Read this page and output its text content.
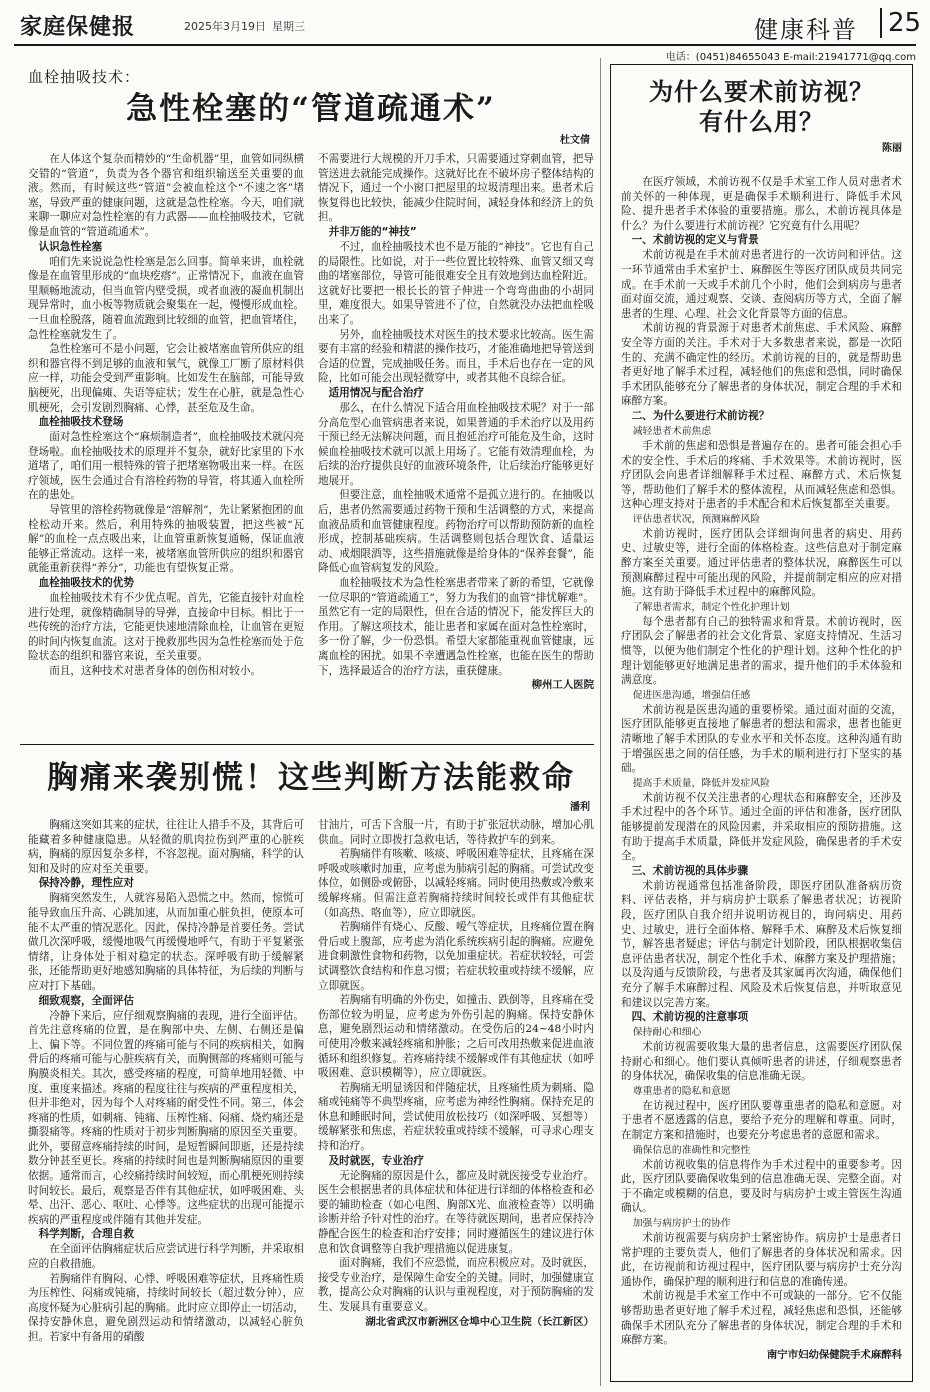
家庭保健报	2025年3月19日 星期三	健康科普	25
电话：(0451)84655043 E-mail:21941771@qq.com
血栓抽吸技术：
急性栓塞的“管道疏通术”
杜文倩

在人体这个复杂而精妙的“生命机器”里，血管如同纵横交错的“管道”，负责为各个器官和组织输送至关重要的血液。然而，有时候这些“管道”会被血栓这个“不速之客”堵塞，导致严重的健康问题，这就是急性栓塞。今天，咱们就来聊一聊应对急性栓塞的有力武器——血栓抽吸技术，它就像是血管的“管道疏通术”。

认识急性栓塞

咱们先来说说急性栓塞是怎么回事。简单来讲，血栓就像是在血管里形成的“血块疙瘩”。正常情况下，血液在血管里顺畅地流动，但当血管内壁受损，或者血液的凝血机制出现异常时，血小板等物质就会聚集在一起，慢慢形成血栓。一旦血栓脱落，随着血流跑到比较细的血管，把血管堵住，急性栓塞就发生了。

急性栓塞可不是小问题，它会让被堵塞血管所供应的组织和器官得不到足够的血液和氧气，就像工厂断了原材料供应一样，功能会受到严重影响。比如发生在脑部，可能导致脑梗死，出现偏瘫、失语等症状；发生在心脏，就是急性心肌梗死，会引发剧烈胸痛、心悸，甚至危及生命。

血栓抽吸技术登场

面对急性栓塞这个“麻烦制造者”，血栓抽吸技术就闪亮登场啦。血栓抽吸技术的原理并不复杂，就好比家里的下水道堵了，咱们用一根特殊的管子把堵塞物吸出来一样。在医疗领域，医生会通过合有溶栓药物的导管，将其通入血栓所在的患处。

导管里的溶栓药物就像是“溶解剂”，先让紧紧抱团的血栓松动开来。然后，利用特殊的抽吸装置，把这些被“瓦解”的血栓一点点吸出来，让血管重新恢复通畅，保证血液能够正常流动。这样一来，被堵塞血管所供应的组织和器官就能重新获得“养分”，功能也有望恢复正常。

血栓抽吸技术的优势

血栓抽吸技术有不少优点呢。首先，它能直接针对血栓进行处理，就像精确制导的导弹，直接命中目标。相比于一些传统的治疗方法，它能更快速地清除血栓，让血管在更短的时间内恢复血流。这对于挽救那些因为急性栓塞而处于危险状态的组织和器官来说，至关重要。

而且，这种技术对患者身体的创伤相对较小。

不需要进行大规模的开刀手术，只需要通过穿刺血管，把导管送进去就能完成操作。这就好比在不破坏房子整体结构的情况下，通过一个小窗口把屋里的垃圾清理出来。患者术后恢复得也比较快，能减少住院时间，减轻身体和经济上的负担。

并非万能的“神技”

不过，血栓抽吸技术也不是万能的“神技”。它也有自己的局限性。比如说，对于一些位置比较特殊、血管又细又弯曲的堵塞部位，导管可能很难安全且有效地到达血栓附近。这就好比要把一根长长的管子伸进一个弯弯曲曲的小胡同里，难度很大。如果导管进不了位，自然就没办法把血栓吸出来了。

另外，血栓抽吸技术对医生的技术要求比较高。医生需要有丰富的经验和精湛的操作技巧，才能准确地把导管送到合适的位置，完成抽吸任务。而且，手术后也存在一定的风险，比如可能会出现轻微穿中，或者其他不良综合征。

适用情况与配合治疗

那么，在什么情况下适合用血栓抽吸技术呢？对于一部分高危型心血管病患者来说，如果普通的手术治疗以及用药干预已经无法解决问题，而且抱延治疗可能危及生命，这时候血栓抽吸技术就可以派上用场了。它能有效清理血栓，为后续的治疗提供良好的血液环境条件，让后续治疗能够更好地展开。

但要注意，血栓抽吸术通常不是孤立进行的。在抽吸以后，患者仍然需要通过药物干预和生活调整的方式，来提高血液品质和血管健康程度。药物治疗可以帮助预防新的血栓形成，控制基础疾病。生活调整则包括合理饮食、适量运动、戒烟限酒等，这些措施就像是给身体的“保养套餐”，能降低心血管病复发的风险。

血栓抽吸技术为急性栓塞患者带来了新的希望，它就像一位尽职的“管道疏通工”，努力为我们的血管“排忧解难”。虽然它有一定的局限性，但在合适的情况下，能发挥巨大的作用。了解这项技术，能让患者和家属在面对急性栓塞时，多一份了解，少一份恐惧。希望大家都能重视血管健康，远离血栓的困扰。如果不幸遭遇急性栓塞，也能在医生的帮助下，选择最适合的治疗方法，重获健康。

柳州工人医院

胸痛来袭别慌！这些判断方法能救命
潘利

胸痛这突如其来的症状，往往让人措手不及，其背后可能藏着多种健康隐患。从轻微的肌肉拉伤到严重的心脏疾病，胸痛的原因复杂多样，不容忽视。面对胸痛，科学的认知和及时的应对至关重要。

保持冷静，理性应对

胸痛突然发生，人就容易陷入恐慌之中。然而，惊慌可能导致血压升高、心跳加速，从而加重心脏负担，使原本可能不太严重的情况恶化。因此，保持冷静是首要任务。尝试做几次深呼吸，缓慢地吸气再缓慢地呼气，有助于平复紧张情绪，让身体处于相对稳定的状态。深呼吸有助于缓解紧张，还能帮助更好地感知胸痛的具体特征，为后续的判断与应对打下基础。

细致观察，全面评估

冷静下来后，应仔细观察胸痛的表现，进行全面评估。首先注意疼痛的位置，是在胸部中央、左侧、右侧还是偏上、偏下等。不同位置的疼痛可能与不同的疾病相关，如胸骨后的疼痛可能与心脏疾病有关，而胸侧部的疼痛则可能与胸膜炎相关。其次，感受疼痛的程度，可简单地用轻微、中度、重度来描述。疼痛的程度往往与疾病的严重程度相关，但并非绝对，因为每个人对疼痛的耐受性不同。第三，体会疼痛的性质，如刺痛、钝痛、压榨性痛、闷痛、烧灼痛还是撕裂痛等。疼痛的性质对于初步判断胸痛的原因至关重要。此外，要留意疼痛持续的时间，是短暂瞬间即逝，还是持续数分钟甚至更长。疼痛的持续时间也是判断胸痛原因的重要依据。通常而言，心绞痛持续时间较短，而心肌梗死则持续时间较长。最后，观察是否伴有其他症状，如呼吸困难、头晕、出汗、恶心、呕吐、心悸等。这些症状的出现可能提示疾病的严重程度或伴随有其他并发症。

科学判断，合理自救

在全面评估胸痛症状后应尝试进行科学判断，并采取相应的自救措施。

若胸痛伴有胸闷、心悸、呼吸困难等症状，且疼痛性质为压榨性、闷痛或钝痛，持续时间较长（超过数分钟），应高度怀疑为心脏病引起的胸痛。此时应立即停止一切活动，保持安静休息，避免剧烈运动和情绪激动，以减轻心脏负担。若家中有备用的硝酸

甘油片，可舌下含服一片，有助于扩张冠状动脉，增加心肌供血。同时立即拨打急救电话，等待救护车的到来。

若胸痛伴有咳嗽、咳痰、呼吸困难等症状，且疼痛在深呼吸或咳嗽时加重，应考虑为肺病引起的胸痛。可尝试改变体位，如侧卧或俯卧，以减轻疼痛。同时使用热敷或冷敷来缓解疼痛。但需注意若胸痛持续时间较长或伴有其他症状（如高热、咯血等），应立即就医。

若胸痛伴有烧心、反酸、嗳气等症状，且疼痛位置在胸骨后或上腹部，应考虑为消化系统疾病引起的胸痛。应避免进食刺激性食物和药物，以免加重症状。若症状较轻，可尝试调整饮食结构和作息习惯；若症状较重或持续不缓解，应立即就医。

若胸痛有明确的外伤史，如撞击、跌倒等，且疼痛在受伤部位较为明显，应考虑为外伤引起的胸痛。保持安静休息，避免剧烈运动和情绪激动。在受伤后的24~48小时内可使用冷敷来减轻疼痛和肿胀；之后可改用热敷来促进血液循环和组织修复。若疼痛持续不缓解或伴有其他症状（如呼吸困难、意识模糊等），应立即就医。

若胸痛无明显诱因和伴随症状，且疼痛性质为刺痛、隐痛或钝痛等不典型疼痛，应考虑为神经性胸痛。保持充足的休息和睡眠时间，尝试使用放松技巧（如深呼吸、冥想等）缓解紧张和焦虑，若症状较重或持续不缓解，可寻求心理支持和治疗。

及时就医，专业治疗

无论胸痛的原因是什么，都应及时就医接受专业治疗。医生会根据患者的具体症状和体征进行详细的体格检查和必要的辅助检查（如心电图、胸部X光、血液检查等）以明确诊断并给予针对性的治疗。在等待就医期间，患者应保持冷静配合医生的检查和治疗安排；同时遵循医生的建议进行休息和饮食调整等自我护理措施以促进康复。

面对胸痛，我们不应恐慌，而应积极应对。及时就医，接受专业治疗，是保障生命安全的关键。同时，加强健康宣教，提高公众对胸痛的认识与重视程度，对于预防胸痛的发生、发展具有重要意义。

湖北省武汉市新洲区仓埠中心卫生院（长江新区）

为什么要术前访视？
有什么用？
陈丽

在医疗领域，术前访视不仅是手术室工作人员对患者术前关怀的一种体现，更是确保手术顺利进行、降低手术风险、提升患者手术体验的重要措施。那么，术前访视具体是什么？为什么要进行术前访视？它究竟有什么用呢？

一、术前访视的定义与背景

术前访视是在手术前对患者进行的一次访问和评估。这一环节通常由手术室护士、麻醉医生等医疗团队成员共同完成。在手术前一天或手术前几个小时，他们会到病房与患者面对面交流，通过观察、交谈、查阅病历等方式，全面了解患者的生理、心理、社会文化背景等方面的信息。

术前访视的背景源于对患者术前焦虑、手术风险、麻醉安全等方面的关注。手术对于大多数患者来说，都是一次陌生的、充满不确定性的经历。术前访视的目的，就是帮助患者更好地了解手术过程，减轻他们的焦虑和恐惧，同时确保手术团队能够充分了解患者的身体状况，制定合理的手术和麻醉方案。

二、为什么要进行术前访视？
减轻患者术前焦虑

手术前的焦虑和恐惧是普遍存在的。患者可能会担心手术的安全性、手术后的疼痛、手术效果等。术前访视时，医疗团队会向患者详细解释手术过程、麻醉方式、术后恢复等，帮助他们了解手术的整体流程，从而减轻焦虑和恐惧。这种心理支持对于患者的手术配合和术后恢复都至关重要。

评估患者状况，预测麻醉风险

术前访视时，医疗团队会详细询问患者的病史、用药史、过敏史等，进行全面的体格检查。这些信息对于制定麻醉方案至关重要。通过评估患者的整体状况，麻醉医生可以预测麻醉过程中可能出现的风险，并提前制定相应的应对措施。这有助于降低手术过程中的麻醉风险。

了解患者需求，制定个性化护理计划

每个患者都有自己的独特需求和背景。术前访视时，医疗团队会了解患者的社会文化背景、家庭支持情况、生活习惯等，以便为他们制定个性化的护理计划。这种个性化的护理计划能够更好地满足患者的需求，提升他们的手术体验和满意度。

促进医患沟通，增强信任感

术前访视是医患沟通的重要桥梁。通过面对面的交流，医疗团队能够更直接地了解患者的想法和需求，患者也能更清晰地了解手术团队的专业水平和关怀态度。这种沟通有助于增强医患之间的信任感，为手术的顺利进行打下坚实的基础。

提高手术质量，降低并发症风险

术前访视不仅关注患者的心理状态和麻醉安全，还涉及手术过程中的各个环节。通过全面的评估和准备，医疗团队能够提前发现潜在的风险因素，并采取相应的预防措施。这有助于提高手术质量，降低并发症风险，确保患者的手术安全。

三、术前访视的具体步骤

术前访视通常包括准备阶段，即医疗团队准备病历资料、评估表格，并与病房护士联系了解患者状况；访视阶段，医疗团队自我介绍并说明访视目的，询问病史、用药史、过敏史，进行全面体格、解释手术、麻醉及术后恢复细节，解答患者疑虑；评估与制定计划阶段，团队根据收集信息评估患者状况，制定个性化手术、麻醉方案及护理措施；以及沟通与反馈阶段，与患者及其家属再次沟通，确保他们充分了解手术麻醉过程、风险及术后恢复信息，并听取意见和建议以完善方案。

四、术前访视的注意事项
保持耐心和细心

术前访视需要收集大量的患者信息，这需要医疗团队保持耐心和细心。他们要认真倾听患者的讲述，仔细观察患者的身体状况，确保收集的信息准确无误。

尊重患者的隐私和意愿

在访视过程中，医疗团队要尊重患者的隐私和意愿。对于患者不愿透露的信息，要给予充分的理解和尊重。同时，在制定方案和措施时，也要充分考虑患者的意愿和需求。

确保信息的准确性和完整性

术前访视收集的信息将作为手术过程中的重要参考。因此，医疗团队要确保收集到的信息准确无误、完整全面。对于不确定或模糊的信息，要及时与病房护士或主管医生沟通确认。

加强与病房护士的协作

术前访视需要与病房护士紧密协作。病房护士是患者日常护理的主要负责人，他们了解患者的身体状况和需求。因此，在访视前和访视过程中，医疗团队要与病房护士充分沟通协作，确保护理的顺利进行和信息的准确传递。

术前访视是手术室工作中不可或缺的一部分。它不仅能够帮助患者更好地了解手术过程，减轻焦虑和恐惧，还能够确保手术团队充分了解患者的身体状况，制定合理的手术和麻醉方案。

南宁市妇幼保健院手术麻醉科
